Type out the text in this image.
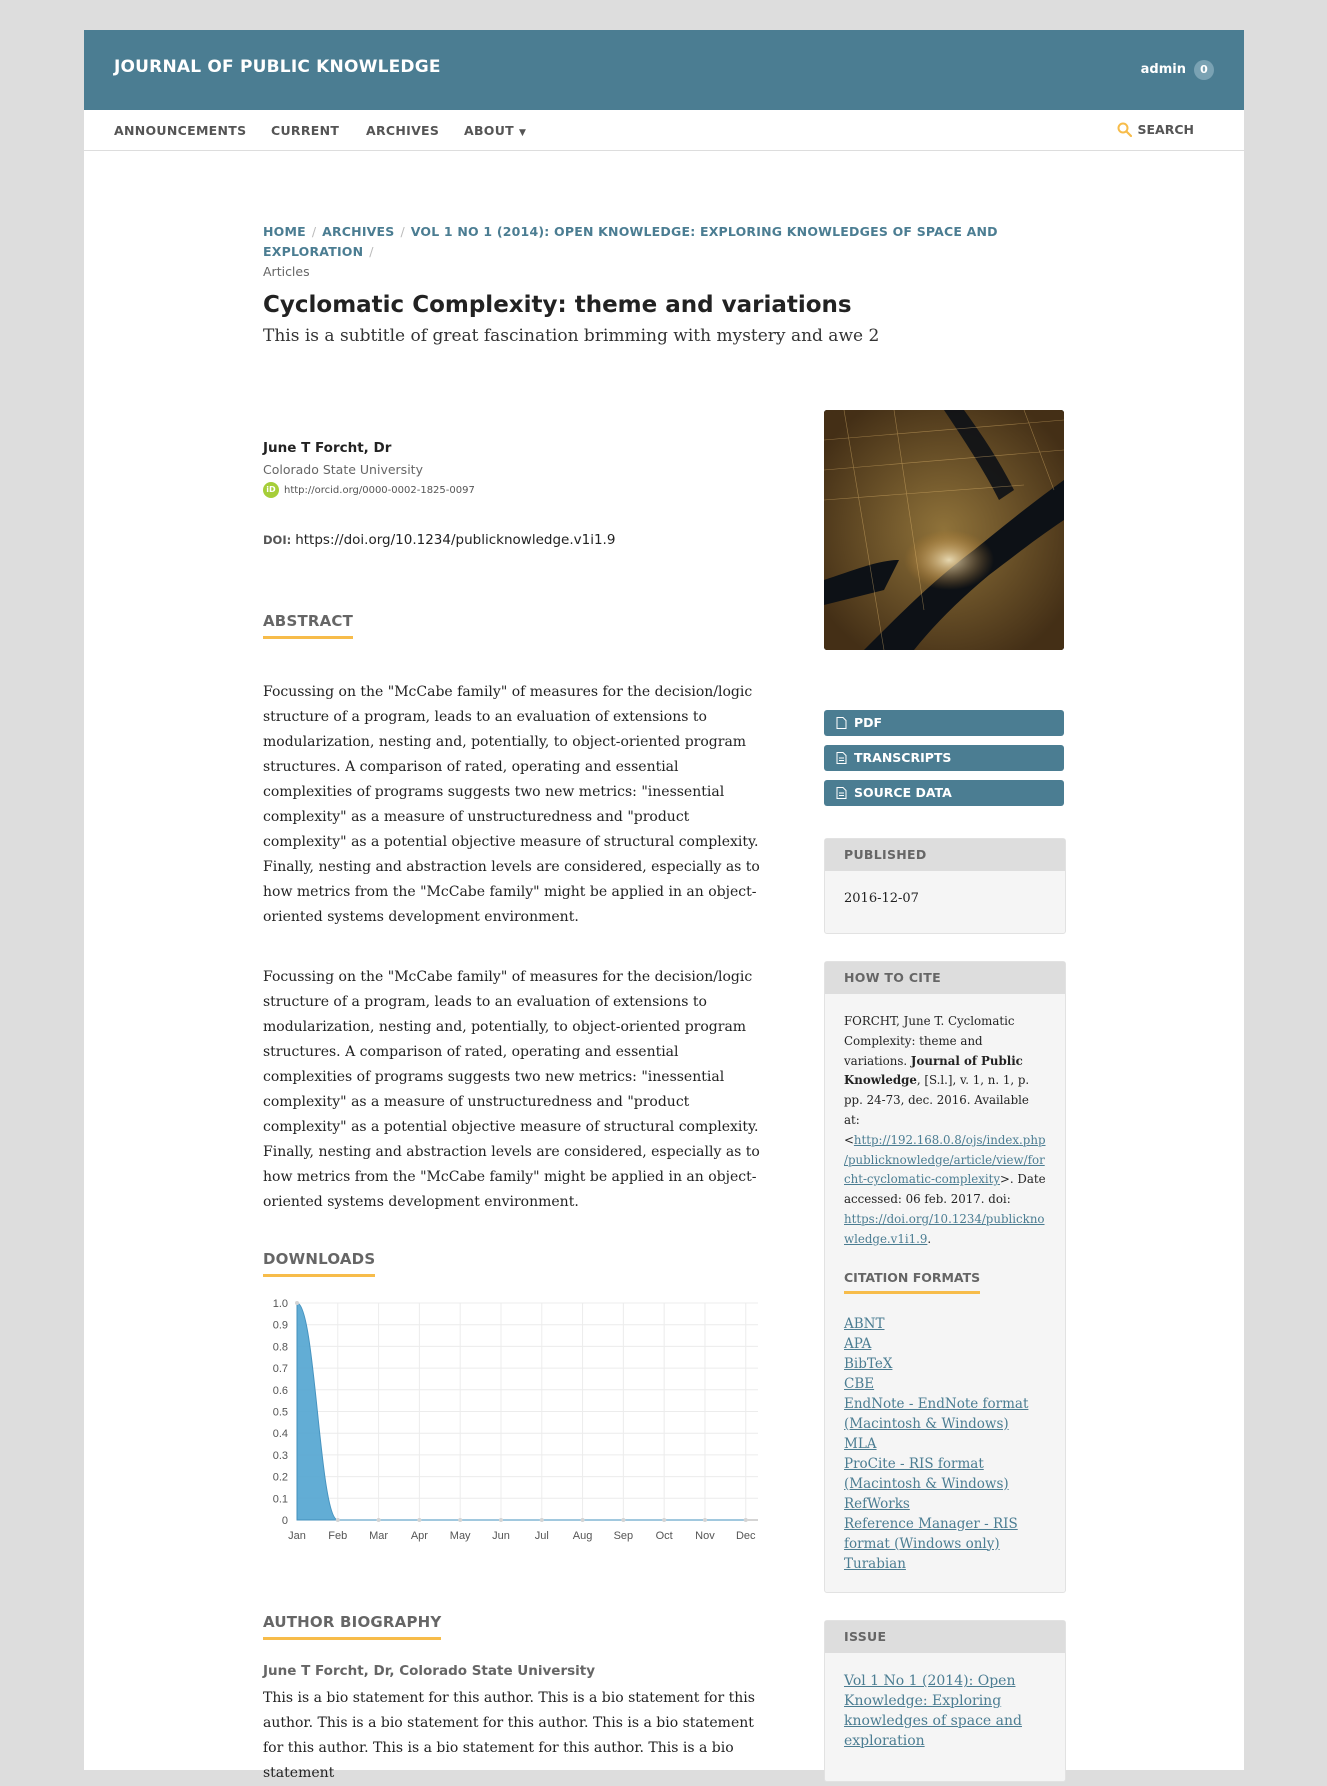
JOURNAL OF PUBLIC KNOWLEDGE	admin 0
ANNOUNCEMENTS CURRENT ARCHIVES ABOUT ▼	SEARCH
HOME / ARCHIVES / VOL 1 NO 1 (2014): OPEN KNOWLEDGE: EXPLORING KNOWLEDGES OF SPACE AND EXPLORATION /
Articles
Cyclomatic Complexity: theme and variations
This is a subtitle of great fascination brimming with mystery and awe 2
June T Forcht, Dr
Colorado State University
iD http://orcid.org/0000-0002-1825-0097
DOI: https://doi.org/10.1234/publicknowledge.v1i1.9
ABSTRACT
Focussing on the "McCabe family" of measures for the decision/logic structure of a program, leads to an evaluation of extensions to modularization, nesting and, potentially, to object-oriented program structures. A comparison of rated, operating and essential complexities of programs suggests two new metrics: "inessential complexity" as a measure of unstructuredness and "product complexity" as a potential objective measure of structural complexity. Finally, nesting and abstraction levels are considered, especially as to how metrics from the "McCabe family" might be applied in an object-oriented systems development environment.
Focussing on the "McCabe family" of measures for the decision/logic structure of a program, leads to an evaluation of extensions to modularization, nesting and, potentially, to object-oriented program structures. A comparison of rated, operating and essential complexities of programs suggests two new metrics: "inessential complexity" as a measure of unstructuredness and "product complexity" as a potential objective measure of structural complexity. Finally, nesting and abstraction levels are considered, especially as to how metrics from the "McCabe family" might be applied in an object-oriented systems development environment.
DOWNLOADS
0
0.1
0.2
0.3
0.4
0.5
0.6
0.7
0.8
0.9
1.0
Jan Feb Mar Apr May Jun Jul Aug Sep Oct Nov Dec
AUTHOR BIOGRAPHY
June T Forcht, Dr, Colorado State University
This is a bio statement for this author. This is a bio statement for this author. This is a bio statement for this author. This is a bio statement for this author. This is a bio statement for this author. This is a bio statement
PDF
TRANSCRIPTS
SOURCE DATA
PUBLISHED
2016-12-07
HOW TO CITE
FORCHT, June T. Cyclomatic Complexity: theme and variations. Journal of Public Knowledge, [S.l.], v. 1, n. 1, p. pp. 24-73, dec. 2016. Available at: <http://192.168.0.8/ojs/index.php/publicknowledge/article/view/forcht-cyclomatic-complexity>. Date accessed: 06 feb. 2017. doi: https://doi.org/10.1234/publicknowledge.v1i1.9.
CITATION FORMATS
ABNT
APA
BibTeX
CBE
EndNote - EndNote format (Macintosh & Windows)
MLA
ProCite - RIS format (Macintosh & Windows)
RefWorks
Reference Manager - RIS format (Windows only)
Turabian
ISSUE
Vol 1 No 1 (2014): Open Knowledge: Exploring knowledges of space and exploration
